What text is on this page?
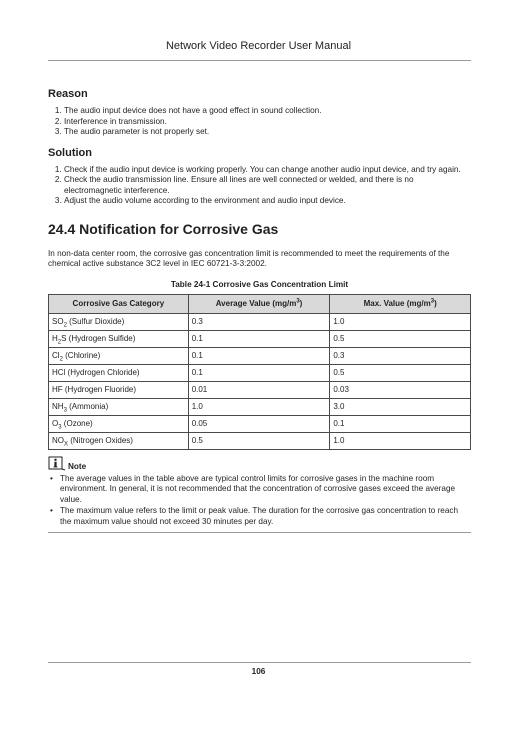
Network Video Recorder User Manual
Reason
1. The audio input device does not have a good effect in sound collection.
2. Interference in transmission.
3. The audio parameter is not properly set.
Solution
1. Check if the audio input device is working properly. You can change another audio input device, and try again.
2. Check the audio transmission line. Ensure all lines are well connected or welded, and there is no electromagnetic interference.
3. Adjust the audio volume according to the environment and audio input device.
24.4 Notification for Corrosive Gas

In non-data center room, the corrosive gas concentration limit is recommended to meet the requirements of the chemical active substance 3C2 level in IEC 60721-3-3:2002.

Table 24-1 Corrosive Gas Concentration Limit
Corrosive Gas Category	Average Value $(mg/m^3)$	Max. Value $(mg/m^3)$
$SO_2$ (Sulfur Dioxide)	0.3	1.0
$H_2S$ (Hydrogen Sulfide)	0.1	0.5
$Cl_2$ (Chlorine)	0.1	0.3
HCl (Hydrogen Chloride)	0.1	0.5
HF (Hydrogen Fluoride)	0.01	0.03
$NH_3$ (Ammonia)	1.0	3.0
$O_3$ (Ozone)	0.05	0.1
$NO_X$ (Nitrogen Oxides)	0.5	1.0
Note
• The average values in the table above are typical control limits for corrosive gases in the machine room environment. In general, it is not recommended that the concentration of corrosive gases exceed the average value.
• The maximum value refers to the limit or peak value. The duration for the corrosive gas concentration to reach the maximum value should not exceed 30 minutes per day.
106
